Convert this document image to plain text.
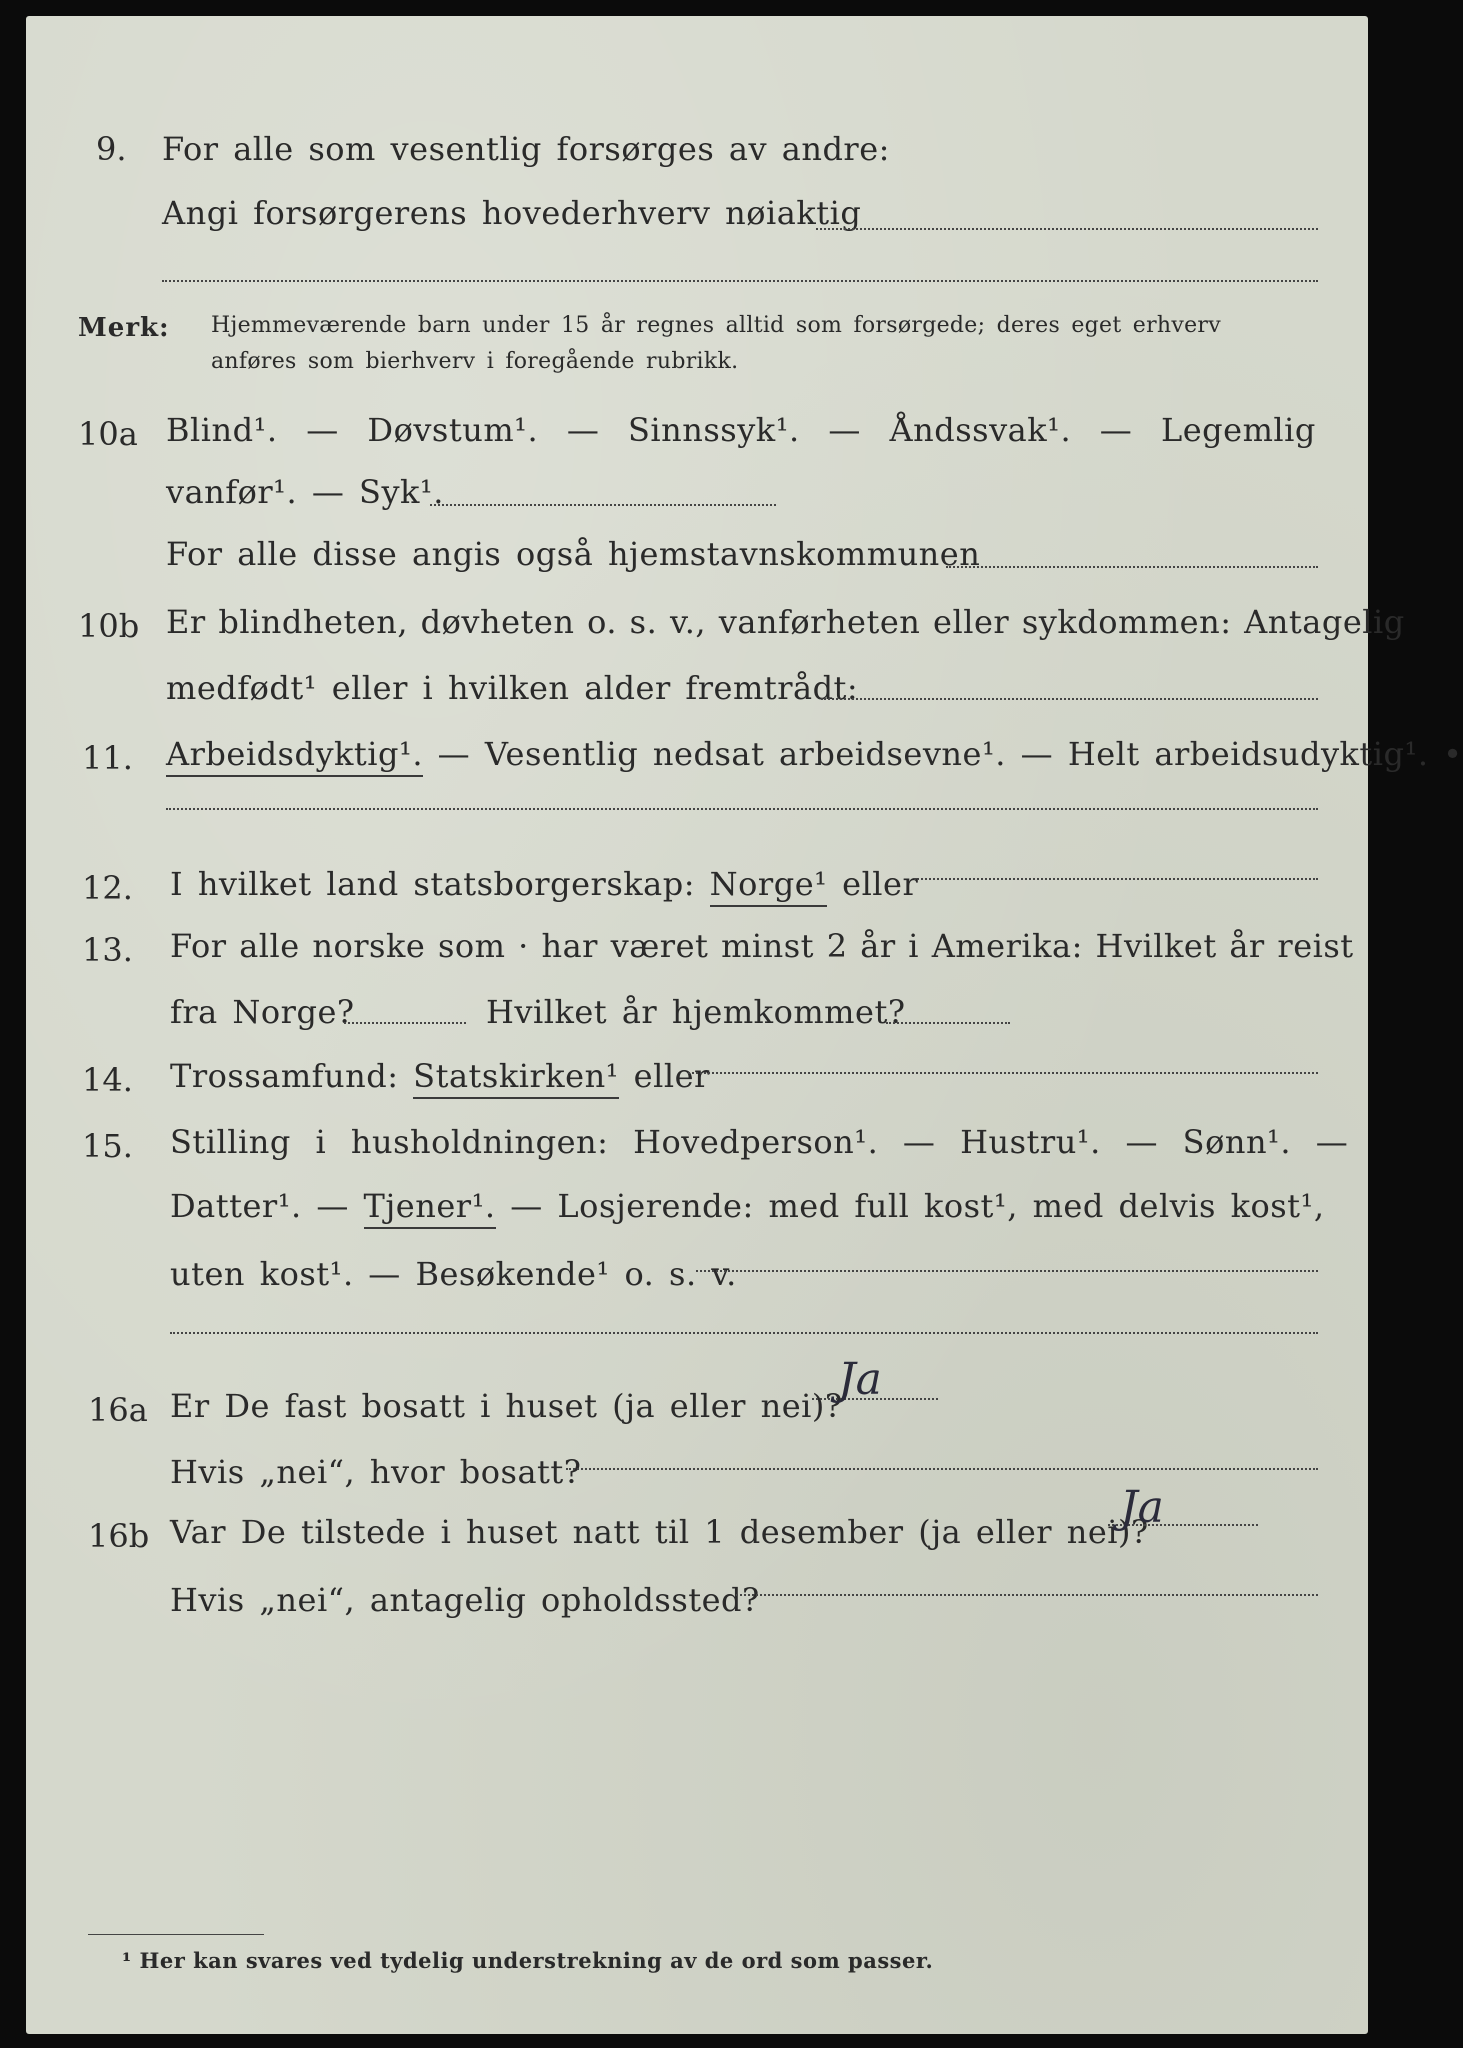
9. For alle som vesentlig forsørges av andre:
Angi forsørgerens hovederhverv nøiaktig
Merk: Hjemmeværende barn under 15 år regnes alltid som forsørgede; deres eget erhverv
anføres som bierhverv i foregående rubrikk.
10a Blind¹. — Døvstum¹. — Sinnssyk¹. — Åndssvak¹. — Legemlig
vanfør¹. — Syk¹.
For alle disse angis også hjemstavnskommunen
10b Er blindheten, døvheten o. s. v., vanførheten eller sykdommen: Antagelig
medfødt¹ eller i hvilken alder fremtrådt:
11. Arbeidsdyktig¹. — Vesentlig nedsat arbeidsevne¹. — Helt arbeidsudyktig¹. •
12. I hvilket land statsborgerskap: Norge¹ eller
13. For alle norske som · har været minst 2 år i Amerika: Hvilket år reist
fra Norge?	Hvilket år hjemkommet?
14. Trossamfund: Statskirken¹ eller
15. Stilling i husholdningen: Hovedperson¹. — Hustru¹. — Sønn¹. —
Datter¹. — Tjener¹. — Losjerende: med full kost¹, med delvis kost¹,
uten kost¹. — Besøkende¹ o. s. v.
16a Er De fast bosatt i huset (ja eller nei)?
Ja
Hvis „nei“, hvor bosatt?
16b Var De tilstede i huset natt til 1 desember (ja eller nei)?
Ja
Hvis „nei“, antagelig opholdssted?
¹ Her kan svares ved tydelig understrekning av de ord som passer.
